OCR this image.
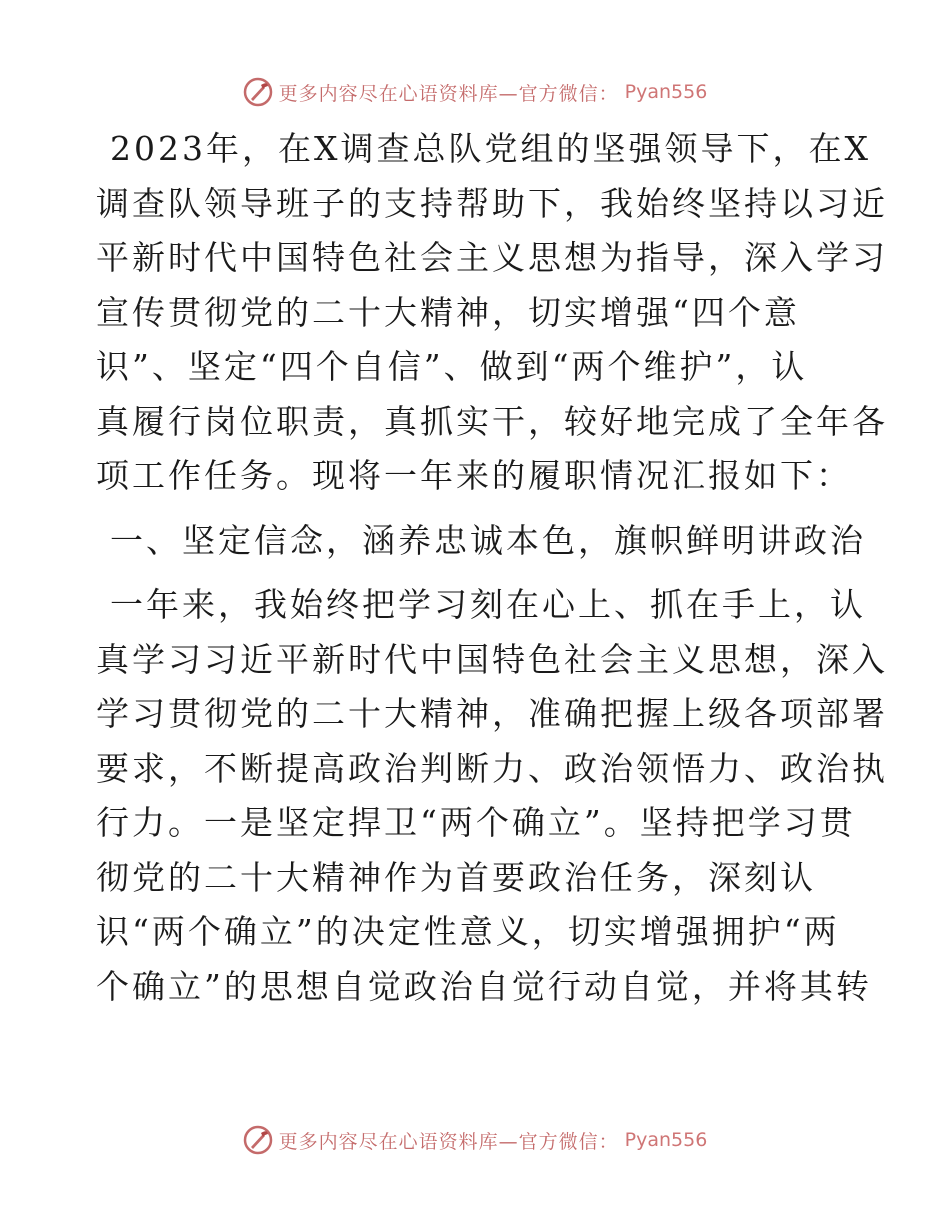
更多内容尽在心语资料库—官方微信： Pyan556
2023年，在X调查总队党组的坚强领导下，在X
调查队领导班子的支持帮助下，我始终坚持以习近
平新时代中国特色社会主义思想为指导，深入学习
宣传贯彻党的二十大精神，切实增强“四个意
识”、坚定“四个自信”、做到“两个维护”，认
真履行岗位职责，真抓实干，较好地完成了全年各
项工作任务。现将一年来的履职情况汇报如下：
一、坚定信念，涵养忠诚本色，旗帜鲜明讲政治
一年来，我始终把学习刻在心上、抓在手上，认
真学习习近平新时代中国特色社会主义思想，深入
学习贯彻党的二十大精神，准确把握上级各项部署
要求，不断提高政治判断力、政治领悟力、政治执
行力。一是坚定捍卫“两个确立”。坚持把学习贯
彻党的二十大精神作为首要政治任务，深刻认
识“两个确立”的决定性意义，切实增强拥护“两
个确立”的思想自觉政治自觉行动自觉，并将其转
更多内容尽在心语资料库—官方微信： Pyan556
